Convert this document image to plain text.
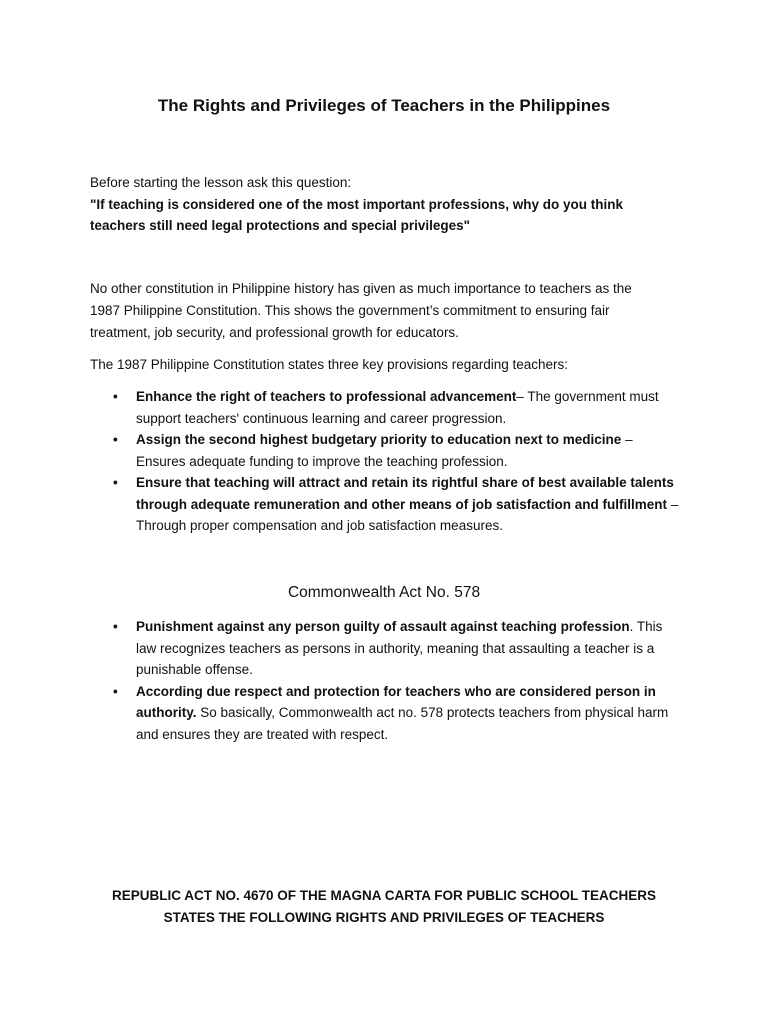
The Rights and Privileges of Teachers in the Philippines
Before starting the lesson ask this question:
"If teaching is considered one of the most important professions, why do you think teachers still need legal protections and special privileges"
No other constitution in Philippine history has given as much importance to teachers as the 1987 Philippine Constitution. This shows the government’s commitment to ensuring fair treatment, job security, and professional growth for educators.
The 1987 Philippine Constitution states three key provisions regarding teachers:
• Enhance the right of teachers to professional advancement– The government must support teachers' continuous learning and career progression.
• Assign the second highest budgetary priority to education next to medicine – Ensures adequate funding to improve the teaching profession.
• Ensure that teaching will attract and retain its rightful share of best available talents through adequate remuneration and other means of job satisfaction and fulfillment – Through proper compensation and job satisfaction measures.
Commonwealth Act No. 578
• Punishment against any person guilty of assault against teaching profession. This law recognizes teachers as persons in authority, meaning that assaulting a teacher is a punishable offense.
• According due respect and protection for teachers who are considered person in authority. So basically, Commonwealth act no. 578 protects teachers from physical harm and ensures they are treated with respect.
REPUBLIC ACT NO. 4670 OF THE MAGNA CARTA FOR PUBLIC SCHOOL TEACHERS STATES THE FOLLOWING RIGHTS AND PRIVILEGES OF TEACHERS
